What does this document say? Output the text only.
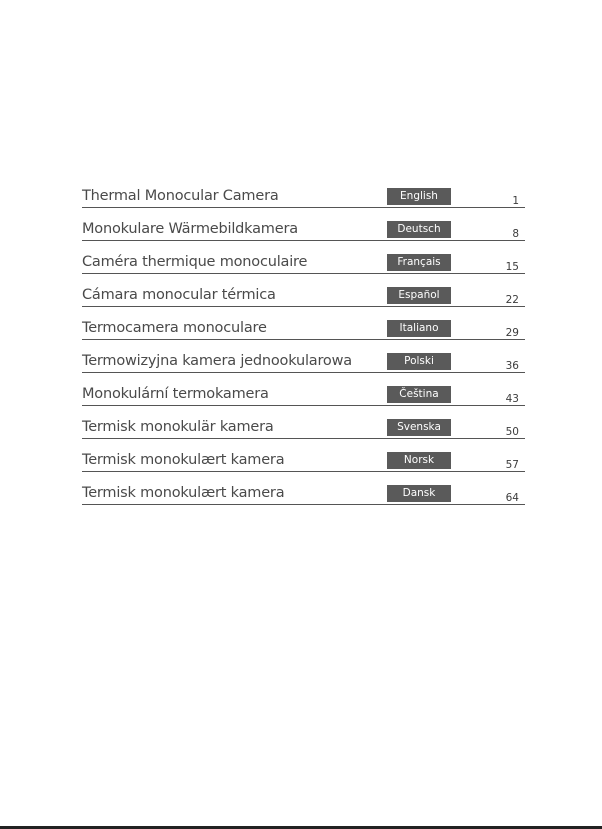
Thermal Monocular Camera	English	1
Monokulare Wärmebildkamera	Deutsch	8
Caméra thermique monoculaire	Français	15
Cámara monocular térmica	Español	22
Termocamera monoculare	Italiano	29
Termowizyjna kamera jednookularowa	Polski	36
Monokulární termokamera	Čeština	43
Termisk monokulär kamera	Svenska	50
Termisk monokulært kamera	Norsk	57
Termisk monokulært kamera	Dansk	64
